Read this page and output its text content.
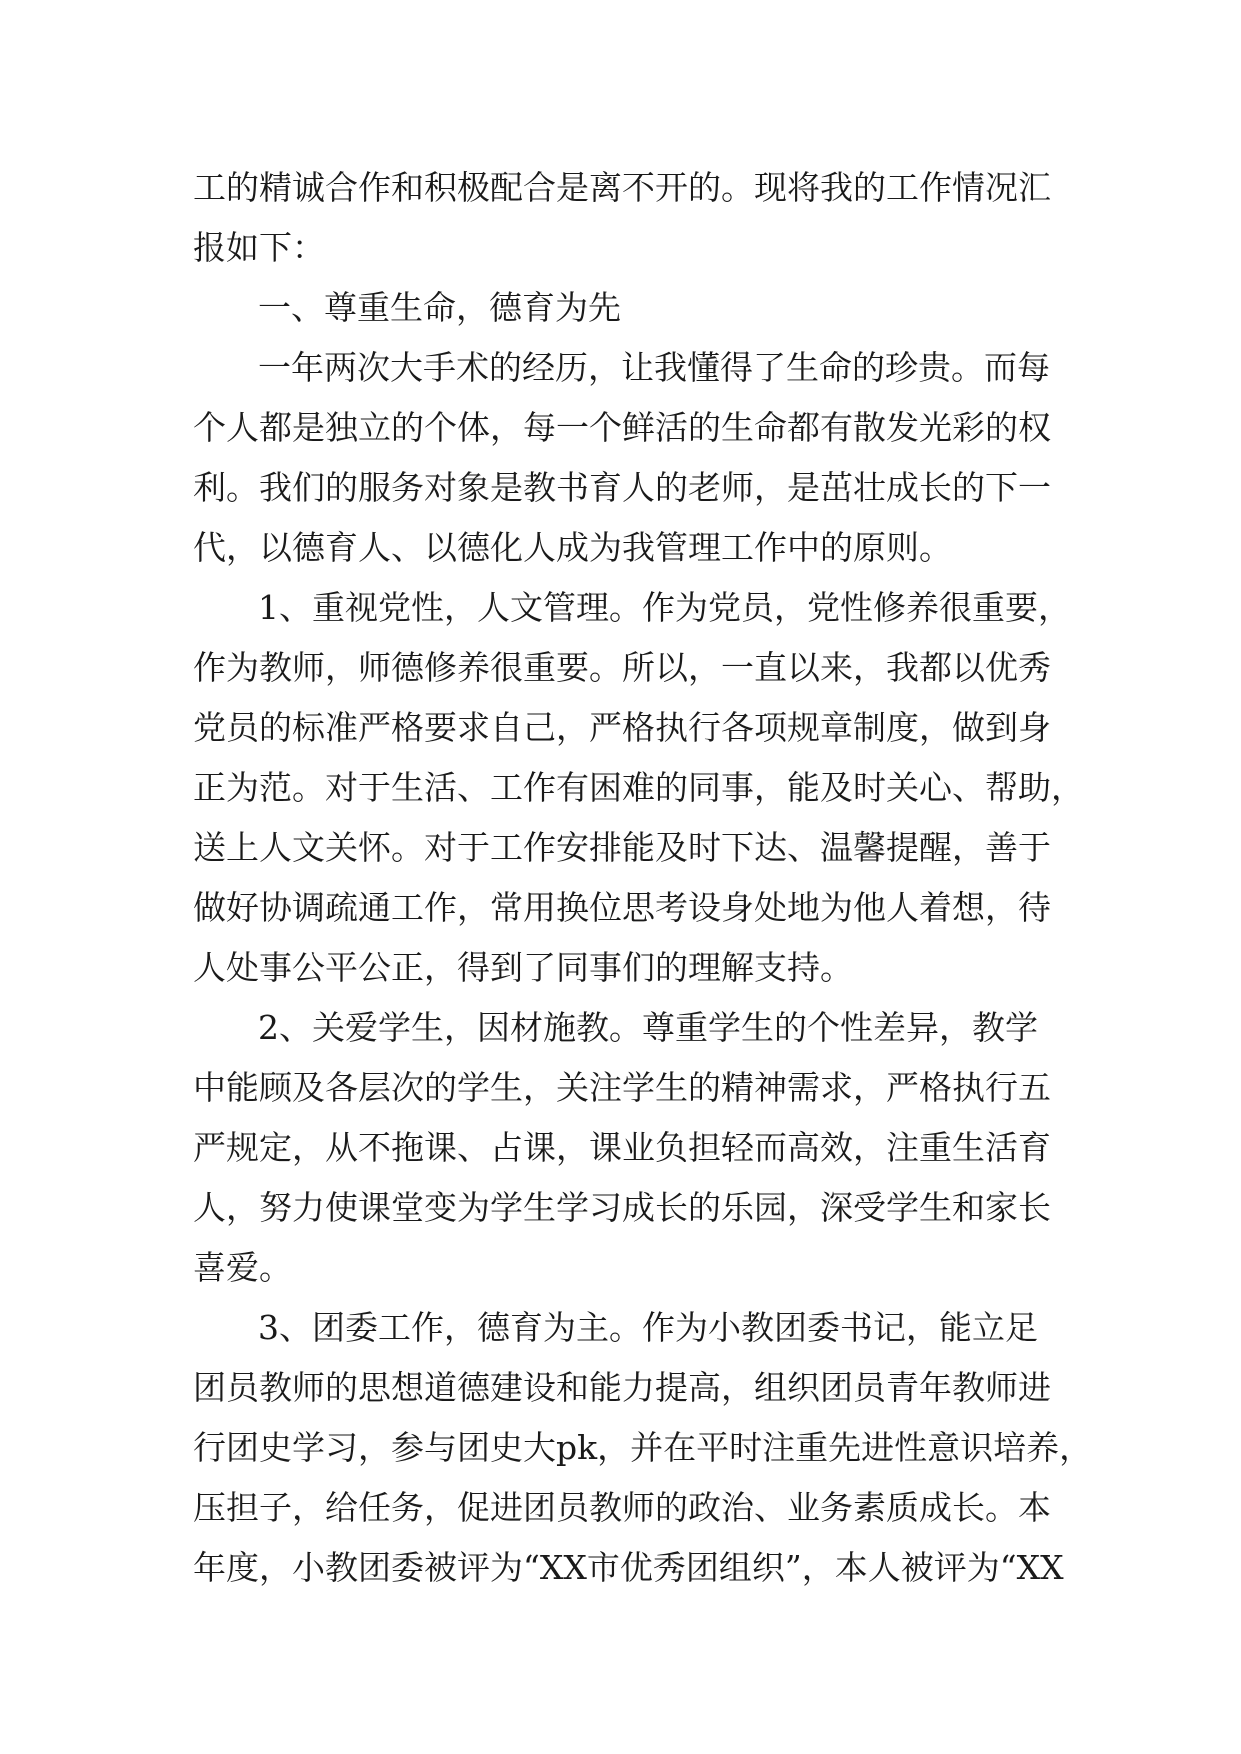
工的精诚合作和积极配合是离不开的。现将我的工作情况汇
报如下：
一、尊重生命，德育为先
一年两次大手术的经历，让我懂得了生命的珍贵。而每
个人都是独立的个体，每一个鲜活的生命都有散发光彩的权
利。我们的服务对象是教书育人的老师，是茁壮成长的下一
代，以德育人、以德化人成为我管理工作中的原则。
1、重视党性，人文管理。作为党员，党性修养很重要，
作为教师，师德修养很重要。所以，一直以来，我都以优秀
党员的标准严格要求自己，严格执行各项规章制度，做到身
正为范。对于生活、工作有困难的同事，能及时关心、帮助，
送上人文关怀。对于工作安排能及时下达、温馨提醒，善于
做好协调疏通工作，常用换位思考设身处地为他人着想，待
人处事公平公正，得到了同事们的理解支持。
2、关爱学生，因材施教。尊重学生的个性差异，教学
中能顾及各层次的学生，关注学生的精神需求，严格执行五
严规定，从不拖课、占课，课业负担轻而高效，注重生活育
人，努力使课堂变为学生学习成长的乐园，深受学生和家长
喜爱。
3、团委工作，德育为主。作为小教团委书记，能立足
团员教师的思想道德建设和能力提高，组织团员青年教师进
行团史学习，参与团史大pk，并在平时注重先进性意识培养，
压担子，给任务，促进团员教师的政治、业务素质成长。本
年度，小教团委被评为“XX市优秀团组织”，本人被评为“XX
